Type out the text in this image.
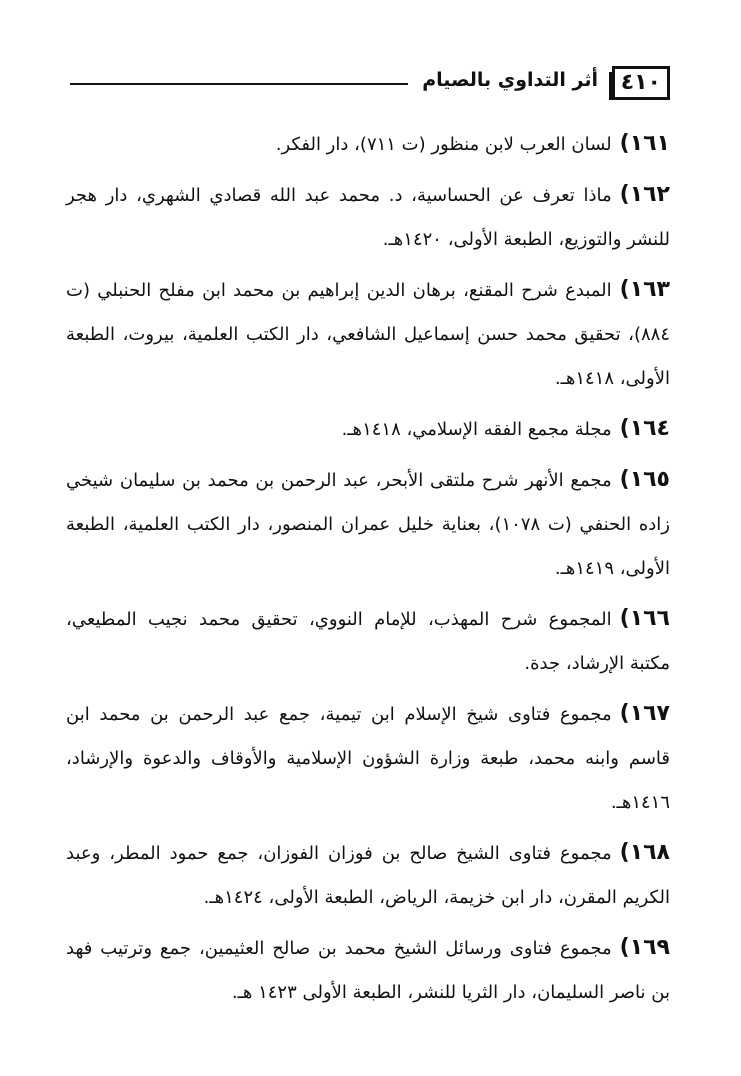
٤١٠
أثر التداوي بالصيام

١٦١)لسان العرب لابن منظور (ت ٧١١)، دار الفكر.

١٦٢)ماذا تعرف عن الحساسية، د. محمد عبد الله قصادي الشهري، دار هجر للنشر والتوزيع، الطبعة الأولى، ١٤٢٠هـ.

١٦٣)المبدع شرح المقنع، برهان الدين إبراهيم بن محمد ابن مفلح الحنبلي (ت ٨٨٤)، تحقيق محمد حسن إسماعيل الشافعي، دار الكتب العلمية، بيروت، الطبعة الأولى، ١٤١٨هـ.

١٦٤)مجلة مجمع الفقه الإسلامي، ١٤١٨هـ.

١٦٥)مجمع الأنهر شرح ملتقى الأبحر، عبد الرحمن بن محمد بن سليمان شيخي زاده الحنفي (ت ١٠٧٨)، بعناية خليل عمران المنصور، دار الكتب العلمية، الطبعة الأولى، ١٤١٩هـ.

١٦٦)المجموع شرح المهذب، للإمام النووي، تحقيق محمد نجيب المطيعي، مكتبة الإرشاد، جدة.

١٦٧)مجموع فتاوى شيخ الإسلام ابن تيمية، جمع عبد الرحمن بن محمد ابن قاسم وابنه محمد، طبعة وزارة الشؤون الإسلامية والأوقاف والدعوة والإرشاد، ١٤١٦هـ.

١٦٨)مجموع فتاوى الشيخ صالح بن فوزان الفوزان، جمع حمود المطر، وعبد الكريم المقرن، دار ابن خزيمة، الرياض، الطبعة الأولى، ١٤٢٤هـ.

١٦٩)مجموع فتاوى ورسائل الشيخ محمد بن صالح العثيمين، جمع وترتيب فهد بن ناصر السليمان، دار الثريا للنشر، الطبعة الأولى ١٤٢٣ هـ.
